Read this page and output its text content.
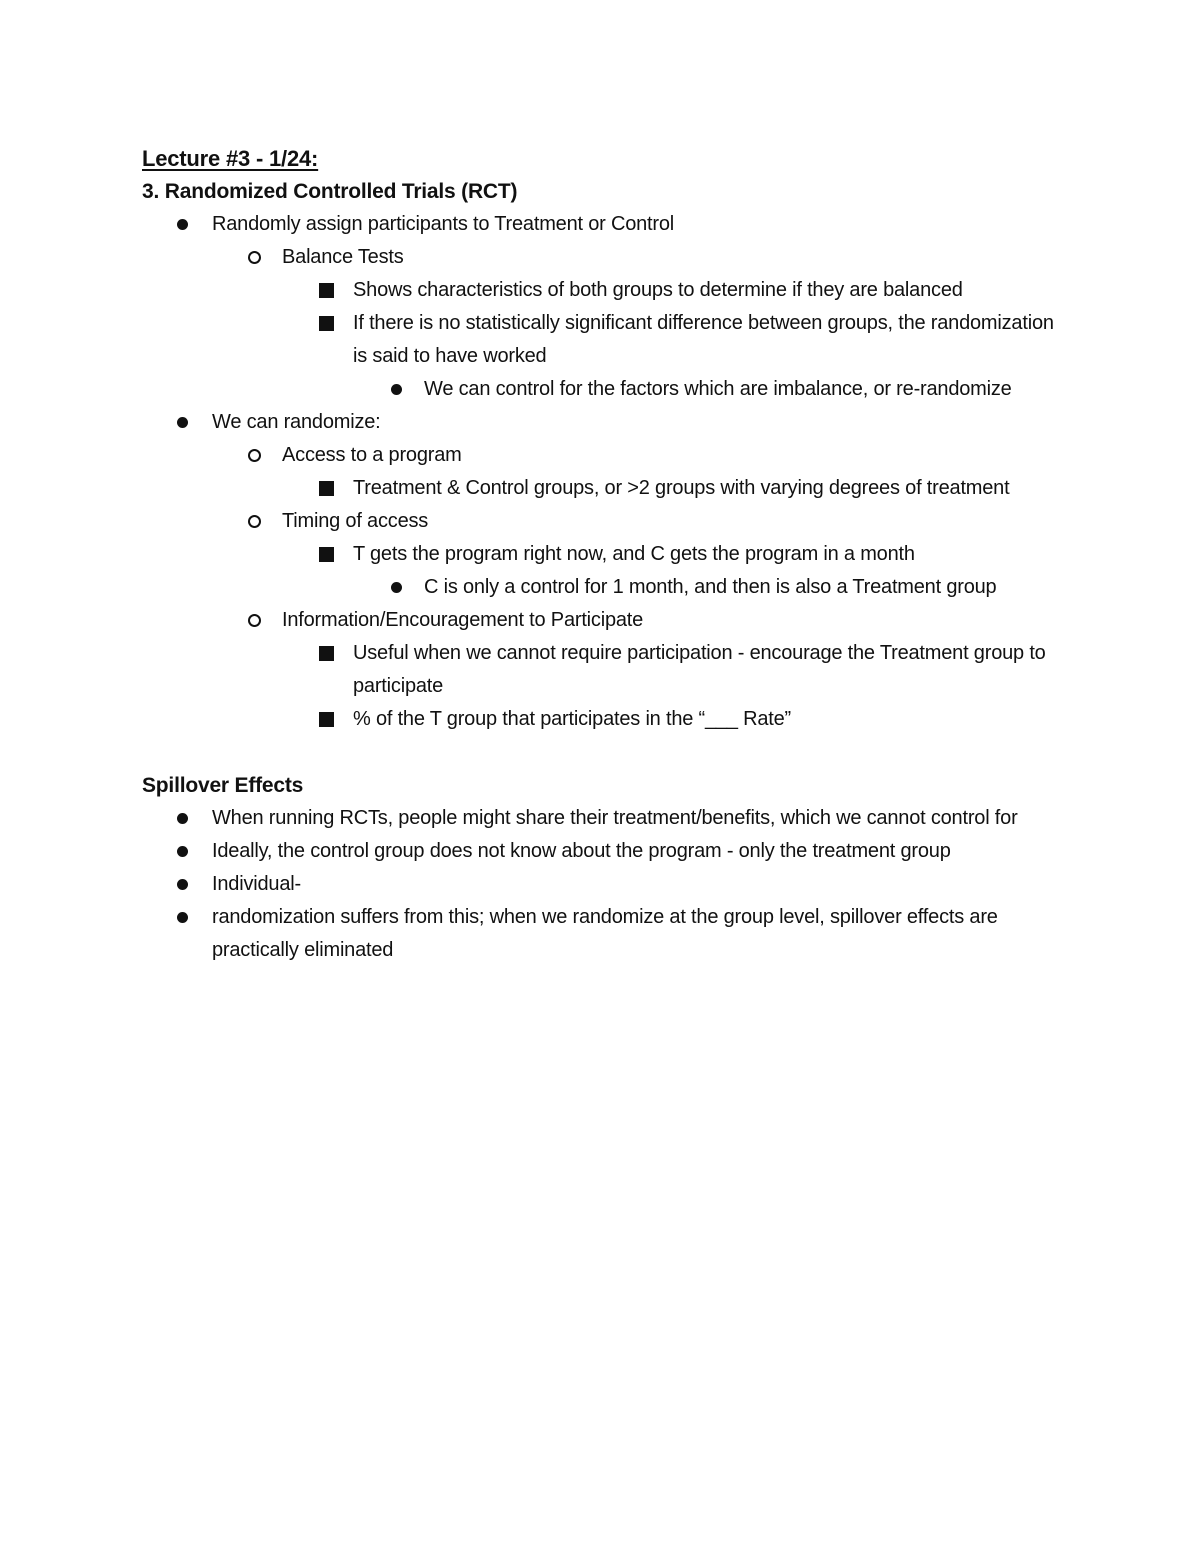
Lecture #3 - 1/24:
3. Randomized Controlled Trials (RCT)
Randomly assign participants to Treatment or Control
Balance Tests
Shows characteristics of both groups to determine if they are balanced
If there is no statistically significant difference between groups, the randomization is said to have worked
We can control for the factors which are imbalance, or re-randomize
We can randomize:
Access to a program
Treatment & Control groups, or >2 groups with varying degrees of treatment
Timing of access
T gets the program right now, and C gets the program in a month
C is only a control for 1 month, and then is also a Treatment group
Information/Encouragement to Participate
Useful when we cannot require participation - encourage the Treatment group to participate
% of the T group that participates in the “___ Rate”
Spillover Effects
When running RCTs, people might share their treatment/benefits, which we cannot control for
Ideally, the control group does not know about the program - only the treatment group
Individual-
randomization suffers from this; when we randomize at the group level, spillover effects are practically eliminated
